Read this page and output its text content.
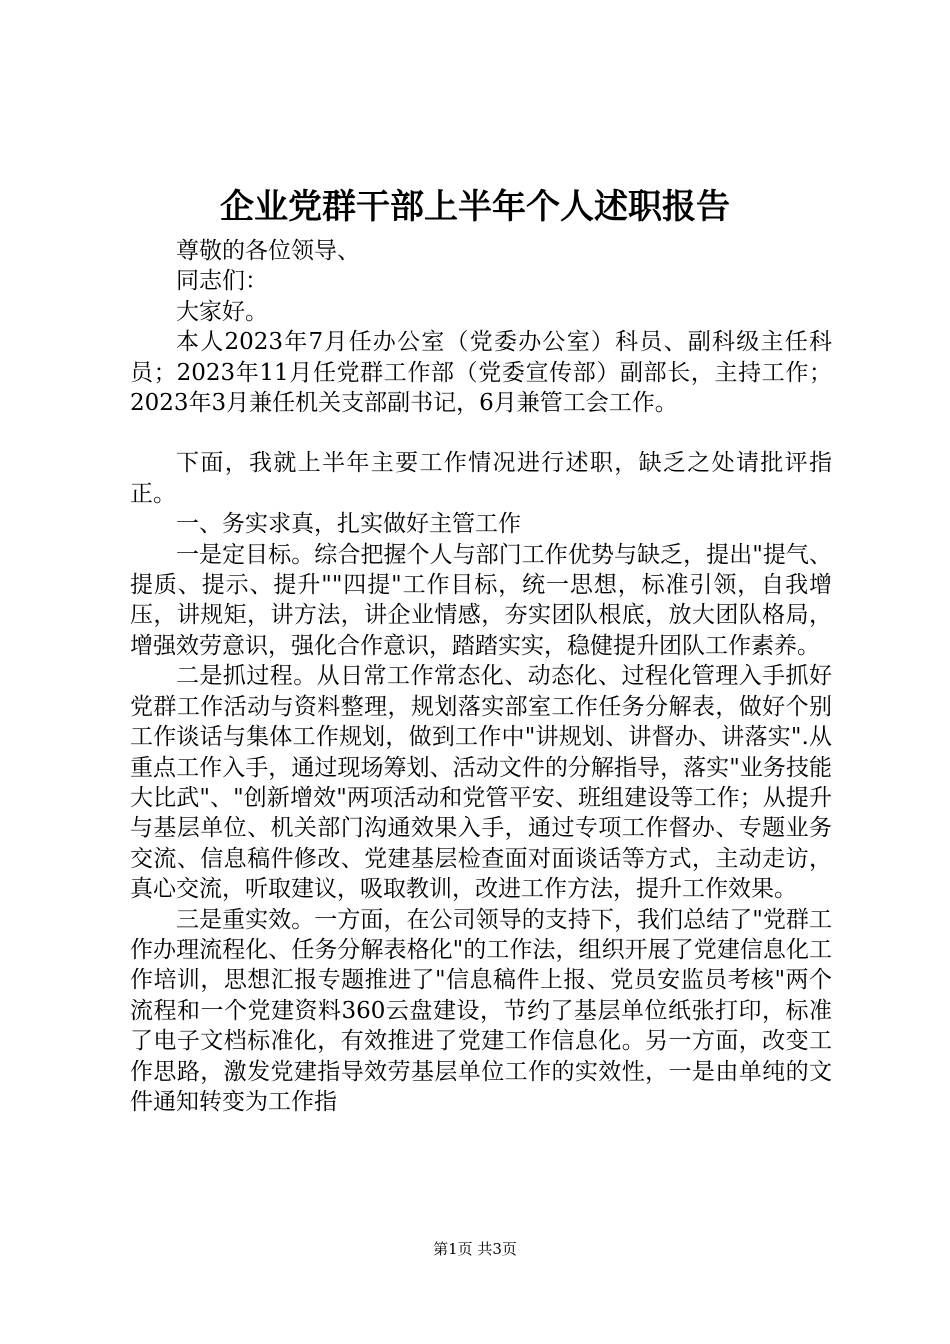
企业党群干部上半年个人述职报告

尊敬的各位领导、

同志们：

大家好。

本人2023年7月任办公室（党委办公室）科员、副科级主任科员；2023年11月任党群工作部（党委宣传部）副部长，主持工作；2023年3月兼任机关支部副书记，6月兼管工会工作。

下面，我就上半年主要工作情况进行述职，缺乏之处请批评指正。

一、务实求真，扎实做好主管工作

一是定目标。综合把握个人与部门工作优势与缺乏，提出"提气、提质、提示、提升""四提"工作目标，统一思想，标准引领，自我增压，讲规矩，讲方法，讲企业情感，夯实团队根底，放大团队格局，增强效劳意识，强化合作意识，踏踏实实，稳健提升团队工作素养。

二是抓过程。从日常工作常态化、动态化、过程化管理入手抓好党群工作活动与资料整理，规划落实部室工作任务分解表，做好个别工作谈话与集体工作规划，做到工作中"讲规划、讲督办、讲落实".从重点工作入手，通过现场筹划、活动文件的分解指导，落实"业务技能大比武"、"创新增效"两项活动和党管平安、班组建设等工作；从提升与基层单位、机关部门沟通效果入手，通过专项工作督办、专题业务交流、信息稿件修改、党建基层检查面对面谈话等方式，主动走访，真心交流，听取建议，吸取教训，改进工作方法，提升工作效果。

三是重实效。一方面，在公司领导的支持下，我们总结了"党群工作办理流程化、任务分解表格化"的工作法，组织开展了党建信息化工作培训，思想汇报专题推进了"信息稿件上报、党员安监员考核"两个流程和一个党建资料360云盘建设，节约了基层单位纸张打印，标准了电子文档标准化，有效推进了党建工作信息化。另一方面，改变工作思路，激发党建指导效劳基层单位工作的实效性，一是由单纯的文件通知转变为工作指

第1页 共3页
